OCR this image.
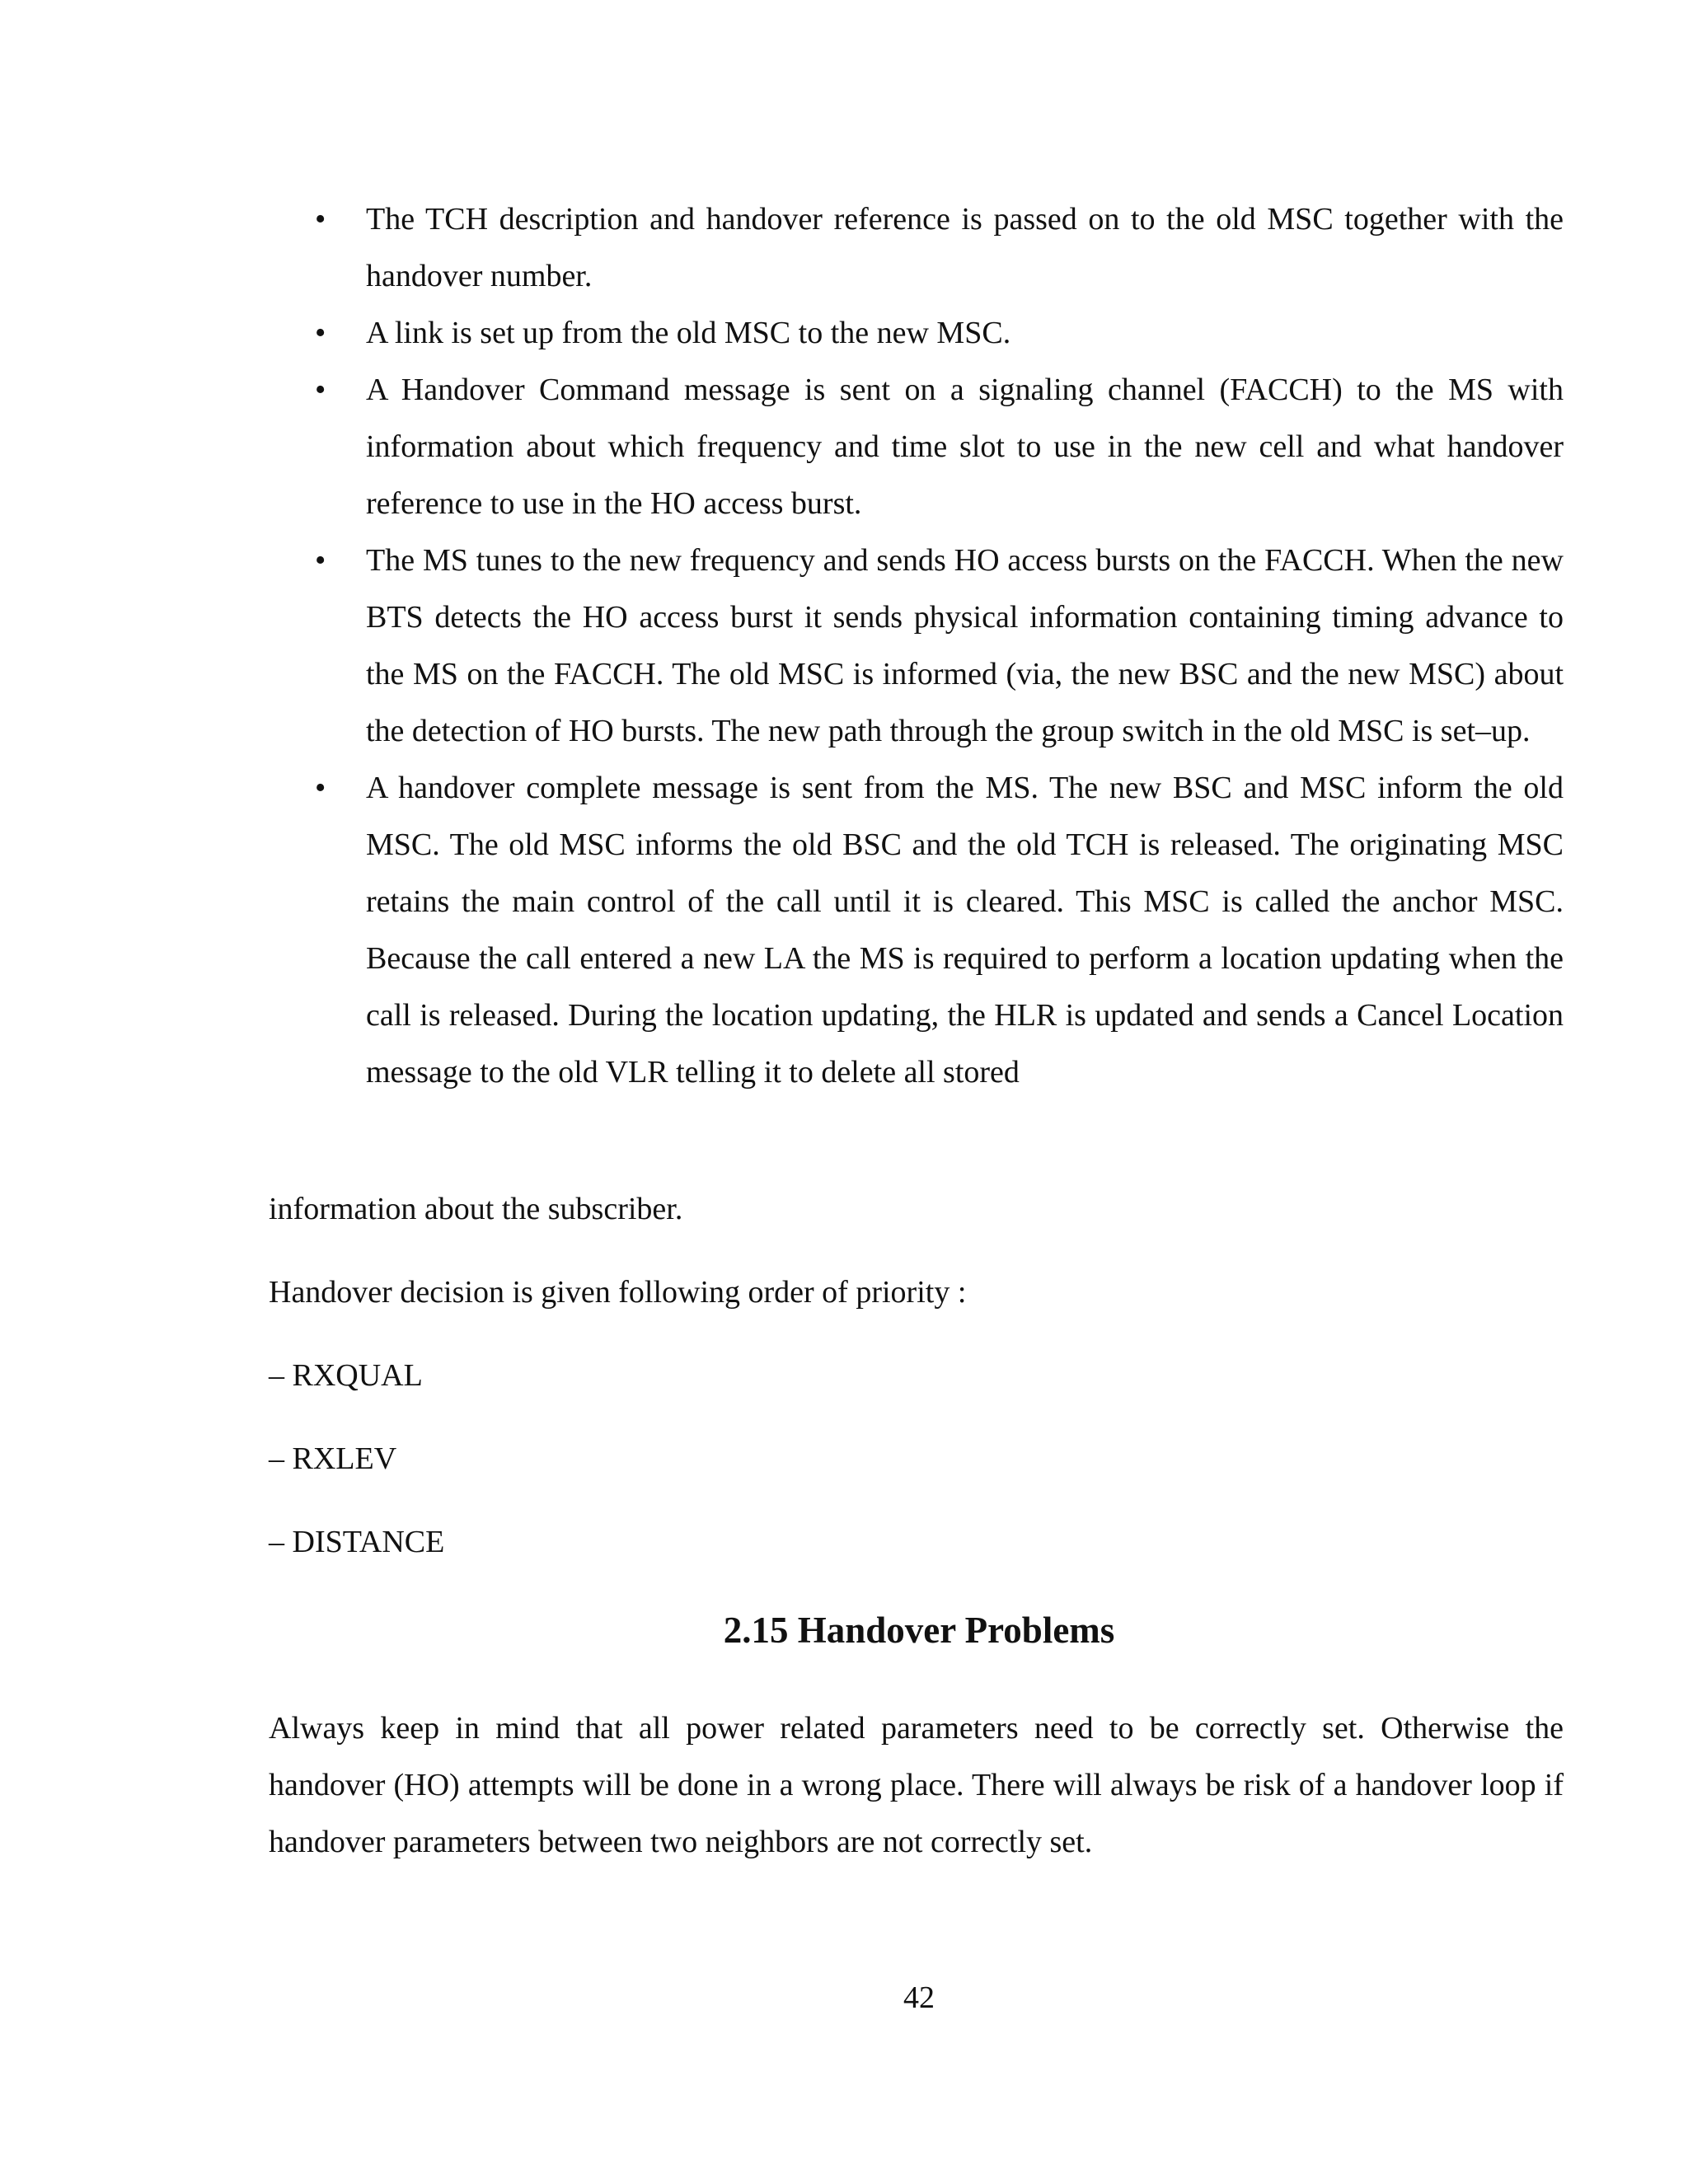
• The TCH description and handover reference is passed on to the old MSC together with the handover number.
• A link is set up from the old MSC to the new MSC.
• A Handover Command message is sent on a signaling channel (FACCH) to the MS with information about which frequency and time slot to use in the new cell and what handover reference to use in the HO access burst.
• The MS tunes to the new frequency and sends HO access bursts on the FACCH. When the new BTS detects the HO access burst it sends physical information containing timing advance to the MS on the FACCH. The old MSC is informed (via, the new BSC and the new MSC) about the detection of HO bursts. The new path through the group switch in the old MSC is set–up.
• A handover complete message is sent from the MS. The new BSC and MSC inform the old MSC. The old MSC informs the old BSC and the old TCH is released. The originating MSC retains the main control of the call until it is cleared. This MSC is called the anchor MSC. Because the call entered a new LA the MS is required to perform a location updating when the call is released. During the location updating, the HLR is updated and sends a Cancel Location message to the old VLR telling it to delete all stored

information about the subscriber.

Handover decision is given following order of priority :

– RXQUAL

– RXLEV

– DISTANCE

2.15 Handover Problems

Always keep in mind that all power related parameters need to be correctly set. Otherwise the handover (HO) attempts will be done in a wrong place. There will always be risk of a handover loop if handover parameters between two neighbors are not correctly set.

42
